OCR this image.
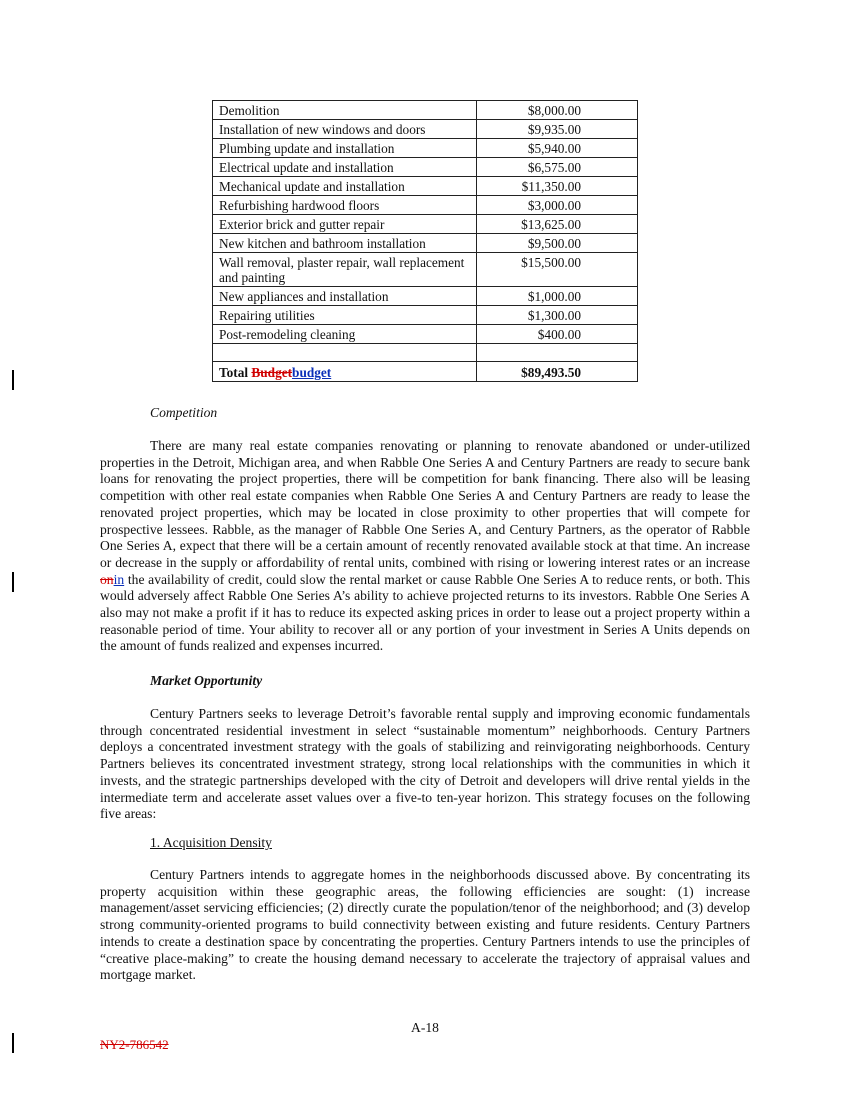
Demolition	$8,000.00
Installation of new windows and doors	$9,935.00
Plumbing update and installation	$5,940.00
Electrical update and installation	$6,575.00
Mechanical update and installation	$11,350.00
Refurbishing hardwood floors	$3,000.00
Exterior brick and gutter repair	$13,625.00
New kitchen and bathroom installation	$9,500.00
Wall removal, plaster repair, wall replacement and painting	$15,500.00
New appliances and installation	$1,000.00
Repairing utilities	$1,300.00
Post-remodeling cleaning	$400.00

Total Budgetbudget	$89,493.50
Competition
There are many real estate companies renovating or planning to renovate abandoned or under-utilized properties in the Detroit, Michigan area, and when Rabble One Series A and Century Partners are ready to secure bank loans for renovating the project properties, there will be competition for bank financing. There also will be leasing competition with other real estate companies when Rabble One Series A and Century Partners are ready to lease the renovated project properties, which may be located in close proximity to other properties that will compete for prospective lessees. Rabble, as the manager of Rabble One Series A, and Century Partners, as the operator of Rabble One Series A, expect that there will be a certain amount of recently renovated available stock at that time. An increase or decrease in the supply or affordability of rental units, combined with rising or lowering interest rates or an increase onin the availability of credit, could slow the rental market or cause Rabble One Series A to reduce rents, or both. This would adversely affect Rabble One Series A’s ability to achieve projected returns to its investors. Rabble One Series A also may not make a profit if it has to reduce its expected asking prices in order to lease out a project property within a reasonable period of time. Your ability to recover all or any portion of your investment in Series A Units depends on the amount of funds realized and expenses incurred.
Market Opportunity
Century Partners seeks to leverage Detroit’s favorable rental supply and improving economic fundamentals through concentrated residential investment in select “sustainable momentum” neighborhoods. Century Partners deploys a concentrated investment strategy with the goals of stabilizing and reinvigorating neighborhoods. Century Partners believes its concentrated investment strategy, strong local relationships with the communities in which it invests, and the strategic partnerships developed with the city of Detroit and developers will drive rental yields in the intermediate term and accelerate asset values over a five-to ten-year horizon. This strategy focuses on the following five areas:
1. Acquisition Density
Century Partners intends to aggregate homes in the neighborhoods discussed above. By concentrating its property acquisition within these geographic areas, the following efficiencies are sought: (1) increase management/asset servicing efficiencies; (2) directly curate the population/tenor of the neighborhood; and (3) develop strong community-oriented programs to build connectivity between existing and future residents. Century Partners intends to create a destination space by concentrating the properties. Century Partners intends to use the principles of “creative place-making” to create the housing demand necessary to accelerate the trajectory of appraisal values and mortgage market.
A-18
NY2-786542
